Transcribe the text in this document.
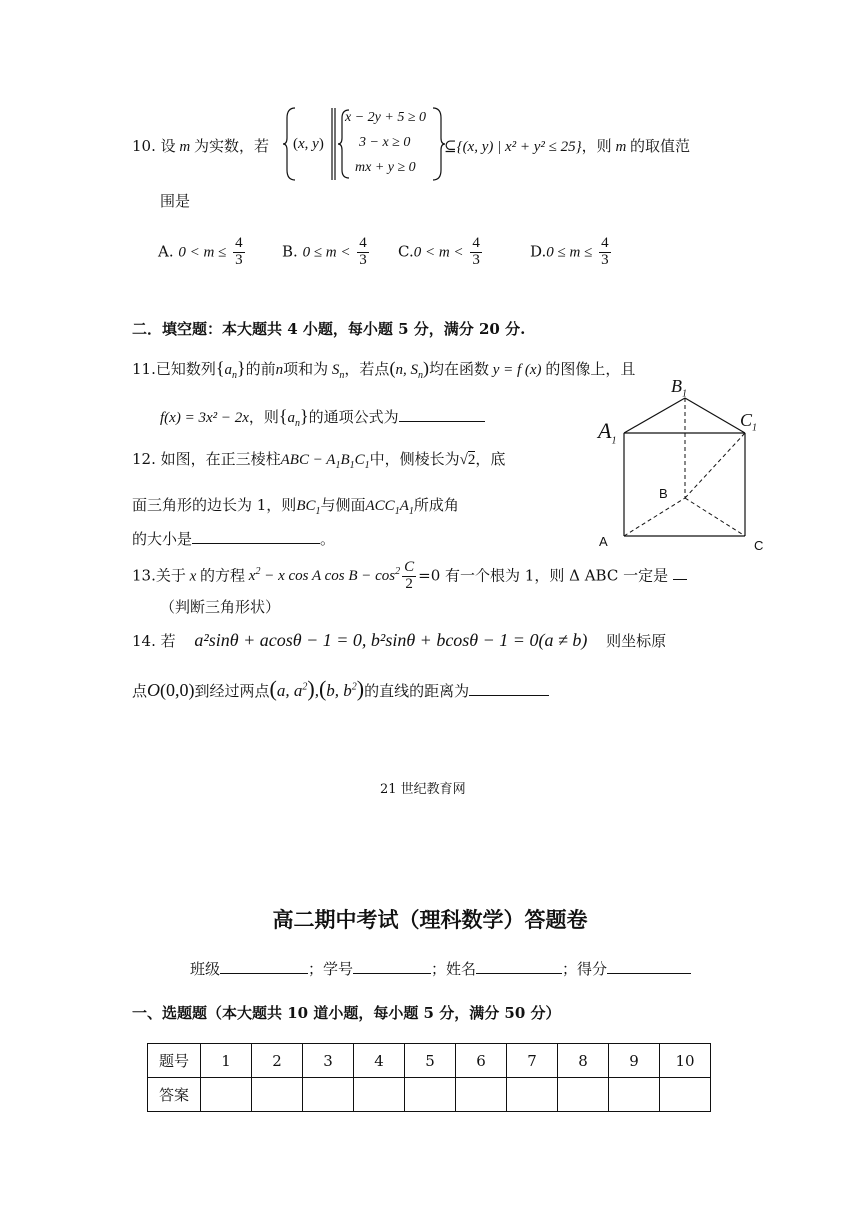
10. 设 m 为实数，若 (x, y)
x − 2y + 5 ≥ 0
3 − x ≥ 0
mx + y ≥ 0
⊆{(x, y) | x² + y² ≤ 25}，则 m 的取值范
围是
A. $0 < m \le \frac{4}{3} B$. $0 \le m < \frac{4}{3} C.0 < m < \frac{4}{3}$	$D.0 \le m \le \frac{4}{3}$
二．填空题：本大题共 4 小题，每小题 5 分，满分 20 分.
11.已知数列$\{a_n\}$的前n项和为 $S_n$，若点(n, $S_n$)均在函数 y = f (x) 的图像上，且
f(x) = 3x² − 2x，则$\{a_n\}$的通项公式为
12. 如图，在正三棱柱ABC − $A_1B_1C_1$中，侧棱长为√2，底
面三角形的边长为 1，则$BC_1$与侧面$ACC_1A_1$所成角
的大小是	。
$B_1$
$A_1$
$C_1$
B
A	C
13.关于 x 的方程 $x^2 - x$ cos A $\cos B - \cos^2 \frac{C}{2} =0$ 有一个根为 1，则 Δ ABC 一定是
（判断三角形状）
14. 若 a²sinθ + acosθ − 1 = 0, b²sinθ + bcosθ − 1 = 0(a ≠ b) 则坐标原
点O(0,0)到经过两点(a, $a^2),(b$, $b^2$)的直线的距离为
21 世纪教育网
高二期中考试（理科数学）答题卷
班级	；学号	；姓名	；得分
一、选题题（本大题共 10 道小题，每小题 5 分，满分 50 分）
题号	1	2	3	4	5	6	7	8	9	10
答案										
